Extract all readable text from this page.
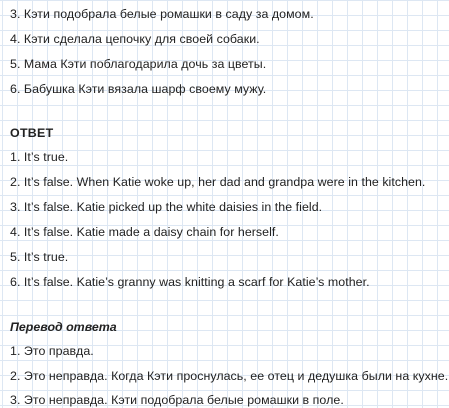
3. Кэти подобрала белые ромашки в саду за домом.
4. Кэти сделала цепочку для своей собаки.
5. Мама Кэти поблагодарила дочь за цветы.
6. Бабушка Кэти вязала шарф своему мужу.
ОТВЕТ
1. It’s true.
2. It’s false. When Katie woke up, her dad and grandpa were in the kitchen.
3. It’s false. Katie picked up the white daisies in the field.
4. It’s false. Katie made a daisy chain for herself.
5. It’s true.
6. It’s false. Katie’s granny was knitting a scarf for Katie’s mother.
Перевод ответа
1. Это правда.
2. Это неправда. Когда Кэти проснулась, ее отец и дедушка были на кухне.
3. Это неправда. Кэти подобрала белые ромашки в поле.
